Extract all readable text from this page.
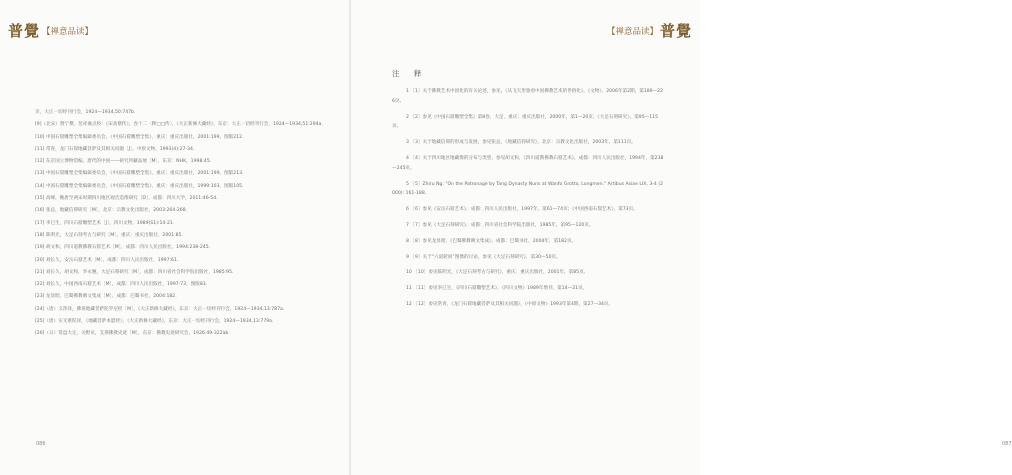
普覺 【禅意品读】

页，大正一切经刊行会，1924—1934,50:747b.

[9]（北宋）赞宁撰，范祥雍点校：《宋高僧传》，卷十二〈释□□传〉，《大正新修大藏经》，东京：大正一切经刊行会，1924—1934,51:294a.

[10] 中国石窟雕塑全集编辑委员会，《中国石窟雕塑全集》，重庆：重庆出版社，2001:199，图版212.

[11] 常青，龙门石窟地藏菩萨及其相关问题［J］，中原文物，1993(4):27-34.

[12] 东京国立博物馆编，唐代的中国——研究所藏品展［M］，东京：NHK，1998:45.

[13] 中国石窟雕塑全集编辑委员会，《中国石窟雕塑全集》，重庆：重庆出版社，2001:199，图版213.

[14] 中国石窟雕塑全集编辑委员会，《中国石窟雕塑全集》，重庆：重庆出版社，1999:103，图版105.

[15] 高峰，晚唐至两宋时期四川地区观音造像研究［D］，成都：四川大学，2011:46-54.

[16] 张总，地藏信仰研究［M］，北京：宗教文化出版社，2003:264-268.

[17] 李巳生，四川石窟雕塑艺术［J］，四川文物，1989(S1):14-21.

[18] 陈明光，大足石刻考古与研究［M］，重庆：重庆出版社，2001:85.

[19] 胡文和，四川道教佛教石窟艺术［M］，成都：四川人民出版社，1994:238-245.

[20] 刘长久，安岳石窟艺术［M］，成都：四川人民出版社，1997:61.

[21] 刘长久，胡文和，李永翘，大足石刻研究［M］，成都：四川省社会科学院出版社，1985:95.

[22] 刘长久，中国西南石窟艺术［M］，成都：四川人民出版社，1997:73，图版83.

[23] 龙显昭，巴蜀佛教碑文集成［M］，成都：巴蜀书社，2004:182.

[24]（唐）义净译，佛说地藏菩萨陀罗尼经［M］，《大正新修大藏经》，东京：大正一切经刊行会，1924—1934,13:787a.

[25]（唐）实叉难陀译，《地藏菩萨本愿经》，《大正新修大藏经》，东京：大正一切经刊行会，1924—1934,13:779a.

[26]（日）常盘大定，关野贞，支那佛教史迹［M］，东京：佛教史迹研究会，1926:49-322ab.

086
【禅意品读】 普覺
087
注 释

1 ［1］关于佛教艺术中国化的有关论述，参见，《从飞天形象看中国佛教艺术的世俗化》，《文物》，2006年第2期，第189—226页。

2 ［2］参见《中国石窟雕塑全集》第8卷，大足，重庆：重庆出版社，2000年，第1—20页；《大足石刻研究》，第95—115页。

3 ［3］关于地藏信仰的形成与发展，参见张总，《地藏信仰研究》，北京：宗教文化出版社，2003年，第111页。

4 ［4］关于四川地区地藏像的分布与类型，参见胡文和，《四川道教佛教石窟艺术》，成都：四川人民出版社，1994年，第238—245页。

5 ［5］Zhiru Ng. "On the Patronage by Tang Dynasty Nuns at Wanfo Grotto, Longmen." Artibus Asiae LIX, 3-4 (2000): 161-188.

6 ［6］参见《安岳石窟艺术》，成都：四川人民出版社，1997年，第61—74页；《中国西南石窟艺术》，第73页。

7 ［7］参见《大足石刻研究》，成都：四川省社会科学院出版社，1985年，第95—120页。

8 ［8］参见龙显昭，《巴蜀佛教碑文集成》，成都：巴蜀书社，2004年，第182页。

9 ［9］关于“六道轮回”图像的讨论，参见《大足石刻研究》，第30—50页。

10 ［10］参见陈明光，《大足石刻考古与研究》，重庆：重庆出版社，2001年，第85页。

11 ［11］参见李巳生，《四川石窟雕塑艺术》，《四川文物》1989年增刊，第14—21页。

12 ［12］参见常青，《龙门石窟地藏菩萨及其相关问题》，《中原文物》1993年第4期，第27—34页。
